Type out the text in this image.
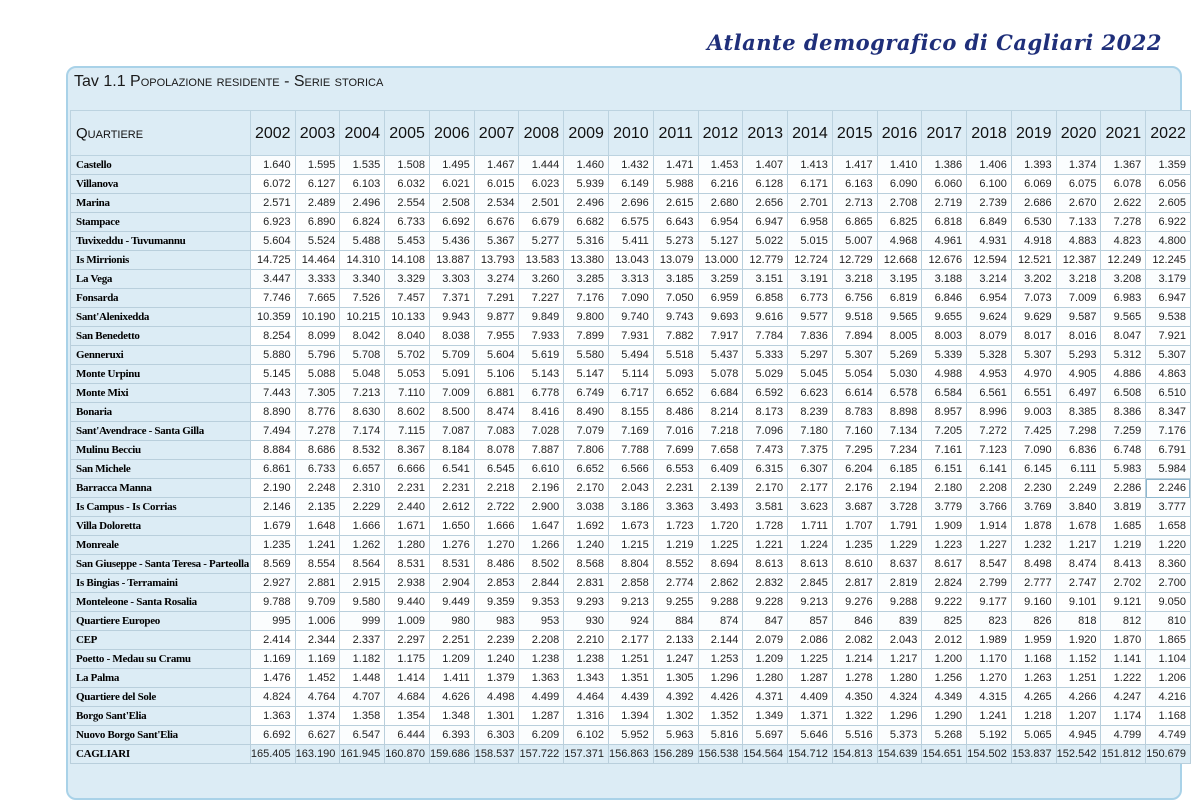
Atlante demografico di Cagliari 2022
Tav 1.1 Popolazione residente - Serie storica
Quartiere	2002	2003	2004	2005	2006	2007	2008	2009	2010	2011	2012	2013	2014	2015	2016	2017	2018	2019	2020	2021	2022
Castello	1.640	1.595	1.535	1.508	1.495	1.467	1.444	1.460	1.432	1.471	1.453	1.407	1.413	1.417	1.410	1.386	1.406	1.393	1.374	1.367	1.359
Villanova	6.072	6.127	6.103	6.032	6.021	6.015	6.023	5.939	6.149	5.988	6.216	6.128	6.171	6.163	6.090	6.060	6.100	6.069	6.075	6.078	6.056
Marina	2.571	2.489	2.496	2.554	2.508	2.534	2.501	2.496	2.696	2.615	2.680	2.656	2.701	2.713	2.708	2.719	2.739	2.686	2.670	2.622	2.605
Stampace	6.923	6.890	6.824	6.733	6.692	6.676	6.679	6.682	6.575	6.643	6.954	6.947	6.958	6.865	6.825	6.818	6.849	6.530	7.133	7.278	6.922
Tuvixeddu - Tuvumannu	5.604	5.524	5.488	5.453	5.436	5.367	5.277	5.316	5.411	5.273	5.127	5.022	5.015	5.007	4.968	4.961	4.931	4.918	4.883	4.823	4.800
Is Mirrionis	14.725	14.464	14.310	14.108	13.887	13.793	13.583	13.380	13.043	13.079	13.000	12.779	12.724	12.729	12.668	12.676	12.594	12.521	12.387	12.249	12.245
La Vega	3.447	3.333	3.340	3.329	3.303	3.274	3.260	3.285	3.313	3.185	3.259	3.151	3.191	3.218	3.195	3.188	3.214	3.202	3.218	3.208	3.179
Fonsarda	7.746	7.665	7.526	7.457	7.371	7.291	7.227	7.176	7.090	7.050	6.959	6.858	6.773	6.756	6.819	6.846	6.954	7.073	7.009	6.983	6.947
Sant'Alenixedda	10.359	10.190	10.215	10.133	9.943	9.877	9.849	9.800	9.740	9.743	9.693	9.616	9.577	9.518	9.565	9.655	9.624	9.629	9.587	9.565	9.538
San Benedetto	8.254	8.099	8.042	8.040	8.038	7.955	7.933	7.899	7.931	7.882	7.917	7.784	7.836	7.894	8.005	8.003	8.079	8.017	8.016	8.047	7.921
Genneruxi	5.880	5.796	5.708	5.702	5.709	5.604	5.619	5.580	5.494	5.518	5.437	5.333	5.297	5.307	5.269	5.339	5.328	5.307	5.293	5.312	5.307
Monte Urpinu	5.145	5.088	5.048	5.053	5.091	5.106	5.143	5.147	5.114	5.093	5.078	5.029	5.045	5.054	5.030	4.988	4.953	4.970	4.905	4.886	4.863
Monte Mixi	7.443	7.305	7.213	7.110	7.009	6.881	6.778	6.749	6.717	6.652	6.684	6.592	6.623	6.614	6.578	6.584	6.561	6.551	6.497	6.508	6.510
Bonaria	8.890	8.776	8.630	8.602	8.500	8.474	8.416	8.490	8.155	8.486	8.214	8.173	8.239	8.783	8.898	8.957	8.996	9.003	8.385	8.386	8.347
Sant'Avendrace - Santa Gilla	7.494	7.278	7.174	7.115	7.087	7.083	7.028	7.079	7.169	7.016	7.218	7.096	7.180	7.160	7.134	7.205	7.272	7.425	7.298	7.259	7.176
Mulinu Becciu	8.884	8.686	8.532	8.367	8.184	8.078	7.887	7.806	7.788	7.699	7.658	7.473	7.375	7.295	7.234	7.161	7.123	7.090	6.836	6.748	6.791
San Michele	6.861	6.733	6.657	6.666	6.541	6.545	6.610	6.652	6.566	6.553	6.409	6.315	6.307	6.204	6.185	6.151	6.141	6.145	6.111	5.983	5.984
Barracca Manna	2.190	2.248	2.310	2.231	2.231	2.218	2.196	2.170	2.043	2.231	2.139	2.170	2.177	2.176	2.194	2.180	2.208	2.230	2.249	2.286	2.246
Is Campus - Is Corrias	2.146	2.135	2.229	2.440	2.612	2.722	2.900	3.038	3.186	3.363	3.493	3.581	3.623	3.687	3.728	3.779	3.766	3.769	3.840	3.819	3.777
Villa Doloretta	1.679	1.648	1.666	1.671	1.650	1.666	1.647	1.692	1.673	1.723	1.720	1.728	1.711	1.707	1.791	1.909	1.914	1.878	1.678	1.685	1.658
Monreale	1.235	1.241	1.262	1.280	1.276	1.270	1.266	1.240	1.215	1.219	1.225	1.221	1.224	1.235	1.229	1.223	1.227	1.232	1.217	1.219	1.220
San Giuseppe - Santa Teresa - Parteolla	8.569	8.554	8.564	8.531	8.531	8.486	8.502	8.568	8.804	8.552	8.694	8.613	8.613	8.610	8.637	8.617	8.547	8.498	8.474	8.413	8.360
Is Bingias - Terramaini	2.927	2.881	2.915	2.938	2.904	2.853	2.844	2.831	2.858	2.774	2.862	2.832	2.845	2.817	2.819	2.824	2.799	2.777	2.747	2.702	2.700
Monteleone - Santa Rosalia	9.788	9.709	9.580	9.440	9.449	9.359	9.353	9.293	9.213	9.255	9.288	9.228	9.213	9.276	9.288	9.222	9.177	9.160	9.101	9.121	9.050
Quartiere Europeo	995	1.006	999	1.009	980	983	953	930	924	884	874	847	857	846	839	825	823	826	818	812	810
CEP	2.414	2.344	2.337	2.297	2.251	2.239	2.208	2.210	2.177	2.133	2.144	2.079	2.086	2.082	2.043	2.012	1.989	1.959	1.920	1.870	1.865
Poetto - Medau su Cramu	1.169	1.169	1.182	1.175	1.209	1.240	1.238	1.238	1.251	1.247	1.253	1.209	1.225	1.214	1.217	1.200	1.170	1.168	1.152	1.141	1.104
La Palma	1.476	1.452	1.448	1.414	1.411	1.379	1.363	1.343	1.351	1.305	1.296	1.280	1.287	1.278	1.280	1.256	1.270	1.263	1.251	1.222	1.206
Quartiere del Sole	4.824	4.764	4.707	4.684	4.626	4.498	4.499	4.464	4.439	4.392	4.426	4.371	4.409	4.350	4.324	4.349	4.315	4.265	4.266	4.247	4.216
Borgo Sant'Elia	1.363	1.374	1.358	1.354	1.348	1.301	1.287	1.316	1.394	1.302	1.352	1.349	1.371	1.322	1.296	1.290	1.241	1.218	1.207	1.174	1.168
Nuovo Borgo Sant'Elia	6.692	6.627	6.547	6.444	6.393	6.303	6.209	6.102	5.952	5.963	5.816	5.697	5.646	5.516	5.373	5.268	5.192	5.065	4.945	4.799	4.749
CAGLIARI	165.405	163.190	161.945	160.870	159.686	158.537	157.722	157.371	156.863	156.289	156.538	154.564	154.712	154.813	154.639	154.651	154.502	153.837	152.542	151.812	150.679
